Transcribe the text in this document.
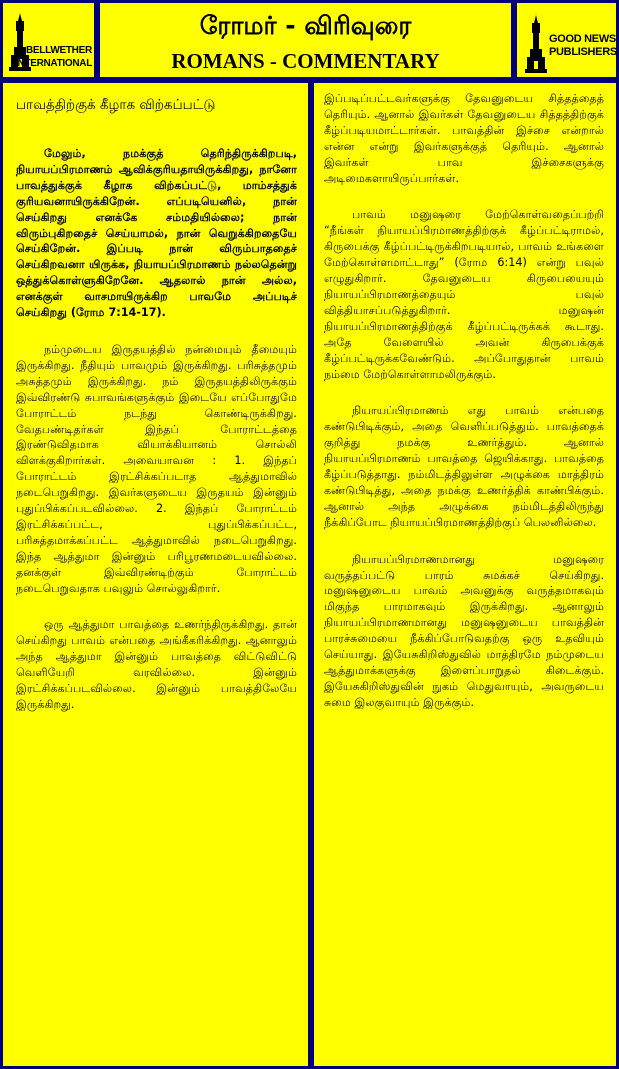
BELLWETHER
INTERNATIONAL
ரோமர் - விரிவுரை
ROMANS - COMMENTARY
GOOD NEWS
PUBLISHERS

பாவத்திற்குக் கீழாக விற்கப்பட்டு

மேலும், நமக்குத் தெரிந்திருக்கிறபடி, நியாயப்பிரமாணம் ஆவிக்குரியதாயிருக்கிறது, நானோ பாவத்துக்குக் கீழாக விற்கப்பட்டு, மாம்சத்துக் குரியவனாயிருக்கிறேன். எப்படியெனில், நான் செய்கிறது எனக்கே சம்மதியில்லை; நான் விரும்புகிறதைச் செய்யாமல், நான் வெறுக்கிறதையே செய்கிறேன். இப்படி நான் விரும்பாததைச் செய்கிறவனா யிருக்க, நியாயப்பிரமாணம் நல்லதென்று ஒத்துக்கொள்ளுகிறேனே. ஆதலால் நான் அல்ல, எனக்குள் வாசமாயிருக்கிற பாவமே அப்படிச் செய்கிறது (ரோம 7:14-17).

நம்முடைய இருதயத்தில் நன்மையும் தீமையும் இருக்கிறது. நீதியும் பாவமும் இருக்கிறது. பரிசுத்தமும் அசுத்தமும் இருக்கிறது. நம் இருதயத்திலிருக்கும் இவ்விரண்டு சுபாவங்களுக்கும் இடையே எப்போதுமே போராட்டம் நடந்து கொண்டிருக்கிறது. வேதபண்டிதர்கள் இந்தப் போராட்டத்தை இரண்டுவிதமாக வியாக்கியானம் சொல்லி விளக்குகிறார்கள். அவையாவன : 1. இந்தப் போராட்டம் இரட்சிக்கப்படாத ஆத்துமாவில் நடைபெறுகிறது. இவர்களுடைய இருதயம் இன்னும் புதுப்பிக்கப்படவில்லை. 2. இந்தப் போராட்டம் இரட்சிக்கப்பட்ட, புதுப்பிக்கப்பட்ட, பரிசுத்தமாக்கப்பட்ட ஆத்துமாவில் நடைபெறுகிறது. இந்த ஆத்துமா இன்னும் பரிபூரணமடையவில்லை. தனக்குள் இவ்விரண்டிற்கும் போராட்டம் நடைபெறுவதாக பவுலும் சொல்லுகிறார்.

ஒரு ஆத்துமா பாவத்தை உணர்ந்திருக்கிறது. தான் செய்கிறது பாவம் என்பதை அங்கீகரிக்கிறது. ஆனாலும் அந்த ஆத்துமா இன்னும் பாவத்தை விட்டுவிட்டு வெளியேறி வரவில்லை. இன்னும் இரட்சிக்கப்படவில்லை. இன்னும் பாவத்திலேயே இருக்கிறது.

இப்படிப்பட்டவர்களுக்கு தேவனுடைய சித்தத்தைத் தெரியும். ஆனால் இவர்கள் தேவனுடைய சித்தத்திற்குக் கீழ்ப்படியமாட்டார்கள். பாவத்தின் இச்சை என்றால் என்ன என்று இவர்களுக்குத் தெரியும். ஆனால் இவர்கள் பாவ இச்சைகளுக்கு அடிமைகளாயிருப்பார்கள்.

பாவம் மனுஷரை மேற்கொள்வதைப்பற்றி “நீங்கள் நியாயப்பிரமாணத்திற்குக் கீழ்ப்பட்டிராமல், கிருபைக்கு கீழ்ப்பட்டிருக்கிறபடியால், பாவம் உங்களை மேற்கொள்ளமாட்டாது” (ரோம 6:14) என்று பவுல் எழுதுகிறார். தேவனுடைய கிருபையையும் நியாயப்பிரமாணத்தையும் பவுல் வித்தியாசப்படுத்துகிறார். மனுஷன் நியாயப்பிரமாணத்திற்குக் கீழ்ப்பட்டிருக்கக் கூடாது. அதே வேளையில் அவன் கிருபைக்குக் கீழ்ப்பட்டிருக்கவேண்டும். அப்போதுதான் பாவம் நம்மை மேற்கொள்ளாமலிருக்கும்.

நியாயப்பிரமாணம் எது பாவம் என்பதை கண்டுபிடிக்கும், அதை வெளிப்படுத்தும். பாவத்தைக் குறித்து நமக்கு உணர்த்தும். ஆனால் நியாயப்பிரமாணம் பாவத்தை ஜெயிக்காது. பாவத்தை கீழ்ப்படுத்தாது. நம்மிடத்திலுள்ள அழுக்கை மாத்திரம் கண்டுபிடித்து, அதை நமக்கு உணர்த்திக் காண்பிக்கும். ஆனால் அந்த அழுக்கை நம்மிடத்திலிருந்து நீக்கிப்போட நியாயப்பிரமாணத்திற்குப் பெலனில்லை.

நியாயப்பிரமாணமானது மனுஷரை வருத்தப்பட்டு பாரம் சுமக்கச் செய்கிறது. மனுஷனுடைய பாவம் அவனுக்கு வருத்தமாகவும் மிகுந்த பாரமாகவும் இருக்கிறது. ஆனாலும் நியாயப்பிரமாணமானது மனுஷனுடைய பாவத்தின் பாரச்சுமையை நீக்கிப்போடுவதற்கு ஒரு உதவியும் செய்யாது. இயேசுகிறிஸ்துவில் மாத்திரமே நம்முடைய ஆத்துமாக்களுக்கு இளைப்பாறுதல் கிடைக்கும். இயேசுகிறிஸ்துவின் நுகம் மெதுவாயும், அவருடைய சுமை இலகுவாயும் இருக்கும்.
